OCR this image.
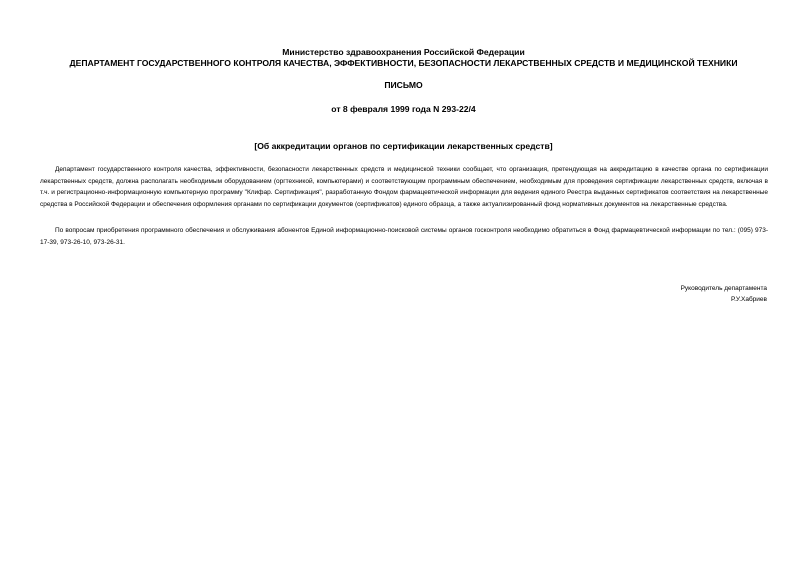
Министерство здравоохранения Российской Федерации
ДЕПАРТАМЕНТ ГОСУДАРСТВЕННОГО КОНТРОЛЯ КАЧЕСТВА, ЭФФЕКТИВНОСТИ, БЕЗОПАСНОСТИ ЛЕКАРСТВЕННЫХ СРЕДСТВ И МЕДИЦИНСКОЙ ТЕХНИКИ
ПИСЬМО
от 8 февраля 1999 года N 293-22/4
[Об аккредитации органов по сертификации лекарственных средств]

Департамент государственного контроля качества, эффективности, безопасности лекарственных средств и медицинской техники сообщает, что организация, претендующая на аккредитацию в качестве органа по сертификации лекарственных средств, должна располагать необходимым оборудованием (оргтехникой, компьютерами) и соответствующим программным обеспечением, необходимым для проведения сертификации лекарственных средств, включая в т.ч. и регистрационно-информационную компьютерную программу "Клифар. Сертификация", разработанную Фондом фармацевтической информации для ведения единого Реестра выданных сертификатов соответствия на лекарственные средства в Российской Федерации и обеспечения оформления органами по сертификации документов (сертификатов) единого образца, а также актуализированный фонд нормативных документов на лекарственные средства.

По вопросам приобретения программного обеспечения и обслуживания абонентов Единой информационно-поисковой системы органов госконтроля необходимо обратиться в Фонд фармацевтической информации по тел.: (095) 973-17-39, 973-26-10, 973-26-31.

Руководитель департамента
Р.У.Хабриев
